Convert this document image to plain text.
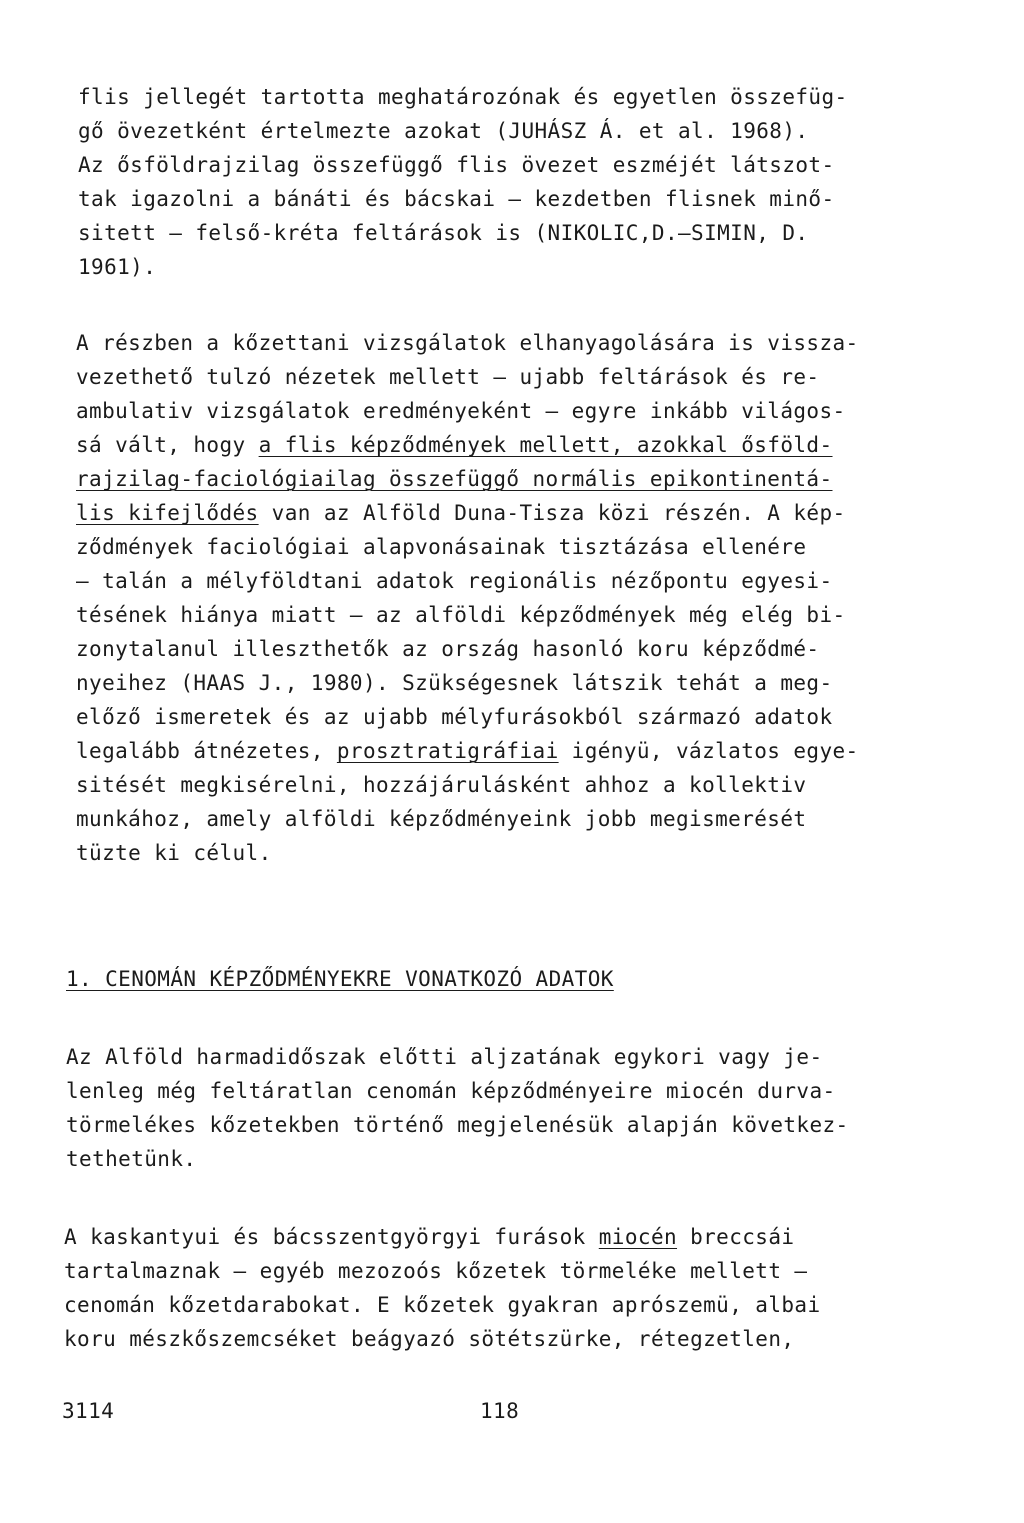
flis jellegét tartotta meghatározónak és egyetlen összefüg-
gő övezetként értelmezte azokat (JUHÁSZ Á. et al. 1968).
Az ősföldrajzilag összefüggő flis övezet eszméjét látszot-
tak igazolni a bánáti és bácskai — kezdetben flisnek minő-
sitett — felső-kréta feltárások is (NIKOLIC,D.—SIMIN, D.
1961).
A részben a kőzettani vizsgálatok elhanyagolására is vissza-
vezethető tulzó nézetek mellett — ujabb feltárások és re-
ambulativ vizsgálatok eredményeként — egyre inkább világos-
sá vált, hogy a flis képződmények mellett, azokkal ősföld-
rajzilag-faciológiailag összefüggő normális epikontinentá-
lis kifejlődés van az Alföld Duna-Tisza közi részén. A kép-
ződmények faciológiai alapvonásainak tisztázása ellenére
— talán a mélyföldtani adatok regionális nézőpontu egyesi-
tésének hiánya miatt — az alföldi képződmények még elég bi-
zonytalanul illeszthetők az ország hasonló koru képződmé-
nyeihez (HAAS J., 1980). Szükségesnek látszik tehát a meg-
előző ismeretek és az ujabb mélyfurásokból származó adatok
legalább átnézetes, prosztratigráfiai igényü, vázlatos egye-
sitését megkisérelni, hozzájárulásként ahhoz a kollektiv
munkához, amely alföldi képződményeink jobb megismerését
tüzte ki célul.
1. CENOMÁN KÉPZŐDMÉNYEKRE VONATKOZÓ ADATOK
Az Alföld harmadidőszak előtti aljzatának egykori vagy je-
lenleg még feltáratlan cenomán képződményeire miocén durva-
törmelékes kőzetekben történő megjelenésük alapján következ-
tethetünk.
A kaskantyui és bácsszentgyörgyi furások miocén breccsái
tartalmaznak — egyéb mezozoós kőzetek törmeléke mellett —
cenomán kőzetdarabokat. E kőzetek gyakran aprószemü, albai
koru mészkőszemcséket beágyazó sötétszürke, rétegzetlen,
3114	118
